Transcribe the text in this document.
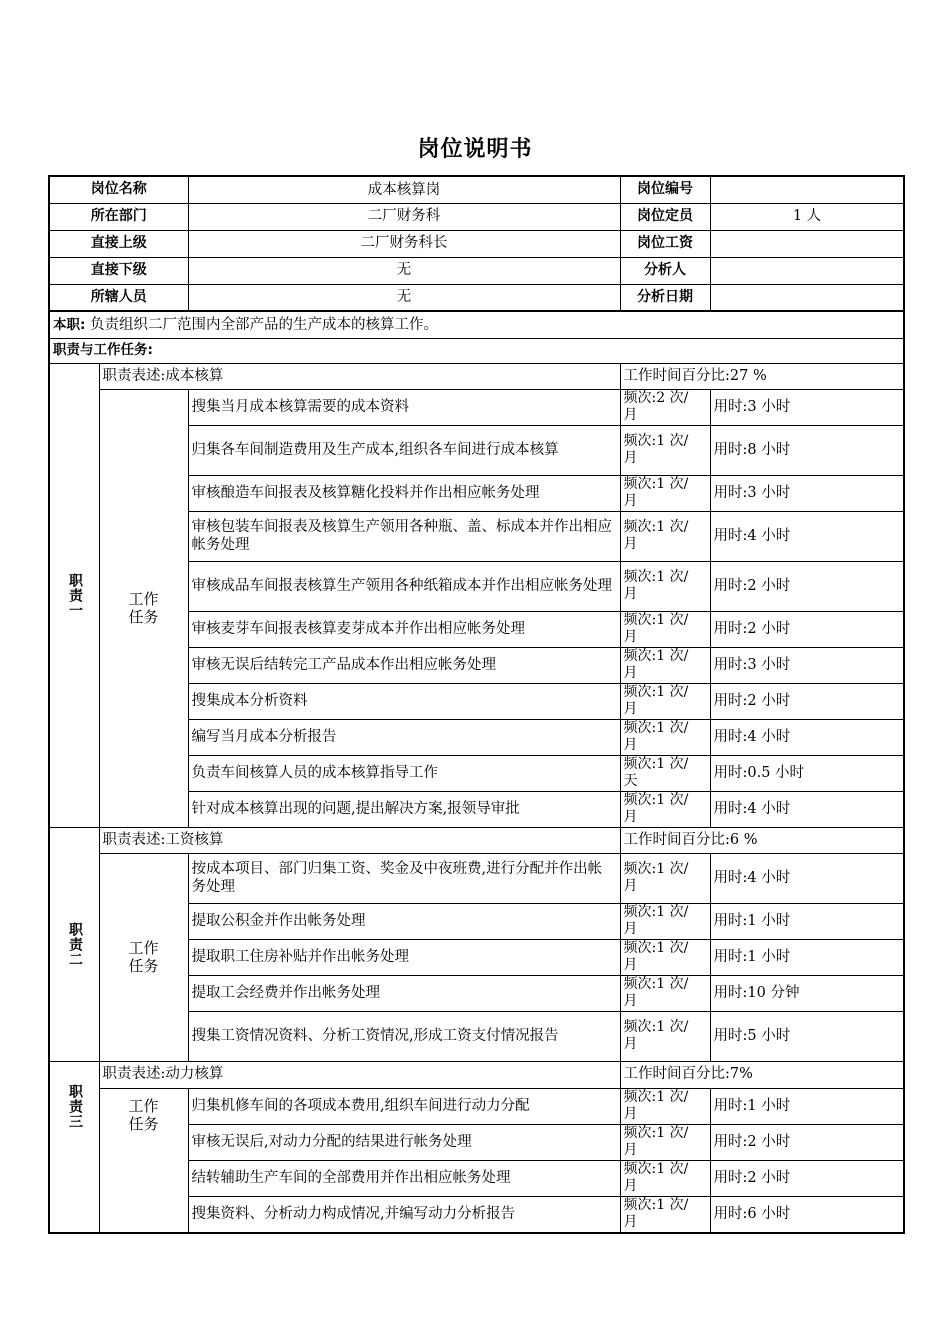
岗位说明书
岗位名称		成本核算岗	岗位编号	
所在部门		二厂财务科	岗位定员	1 人
直接上级		二厂财务科长	岗位工资	
直接下级		无	分析人	
所辖人员		无	分析日期	
本职: 负责组织二厂范围内全部产品的生产成本的核算工作。				
职责与工作任务:				

职责一	职责表述:成本核算		工作时间百分比:27 %	

	工作任务	搜集当月成本核算需要的成本资料	频次:2 次/ 月	用时:3 小时
		归集各车间制造费用及生产成本,组织各车间进行成本核算	频次:1 次/ 月	用时:8 小时
		审核酿造车间报表及核算糖化投料并作出相应帐务处理	频次:1 次/ 月	用时:3 小时
		审核包装车间报表及核算生产领用各种瓶、盖、标成本并作出相应帐务处理	频次:1 次/ 月	用时:4 小时
		审核成品车间报表核算生产领用各种纸箱成本并作出相应帐务处理	频次:1 次/ 月	用时:2 小时
		审核麦芽车间报表核算麦芽成本并作出相应帐务处理	频次:1 次/ 月	用时:2 小时
		审核无误后结转完工产品成本作出相应帐务处理	频次:1 次/ 月	用时:3 小时
		搜集成本分析资料	频次:1 次/ 月	用时:2 小时
		编写当月成本分析报告	频次:1 次/ 月	用时:4 小时
		负责车间核算人员的成本核算指导工作	频次:1 次/ 天	用时:0.5 小时
		针对成本核算出现的问题,提出解决方案,报领导审批	频次:1 次/ 月	用时:4 小时

职责二	职责表述:工资核算		工作时间百分比:6 %	

	工作任务	按成本项目、部门归集工资、奖金及中夜班费,进行分配并作出帐务处理	频次:1 次/ 月	用时:4 小时
		提取公积金并作出帐务处理	频次:1 次/ 月	用时:1 小时
		提取职工住房补贴并作出帐务处理	频次:1 次/ 月	用时:1 小时
		提取工会经费并作出帐务处理	频次:1 次/ 月	用时:10 分钟
		搜集工资情况资料、分析工资情况,形成工资支付情况报告	频次:1 次/ 月	用时:5 小时

职责三	职责表述:动力核算		工作时间百分比:7%	

	工作任务	归集机修车间的各项成本费用,组织车间进行动力分配	频次:1 次/ 月	用时:1 小时
		审核无误后,对动力分配的结果进行帐务处理	频次:1 次/ 月	用时:2 小时
		结转辅助生产车间的全部费用并作出相应帐务处理	频次:1 次/ 月	用时:2 小时
		搜集资料、分析动力构成情况,并编写动力分析报告	频次:1 次/ 月	用时:6 小时
